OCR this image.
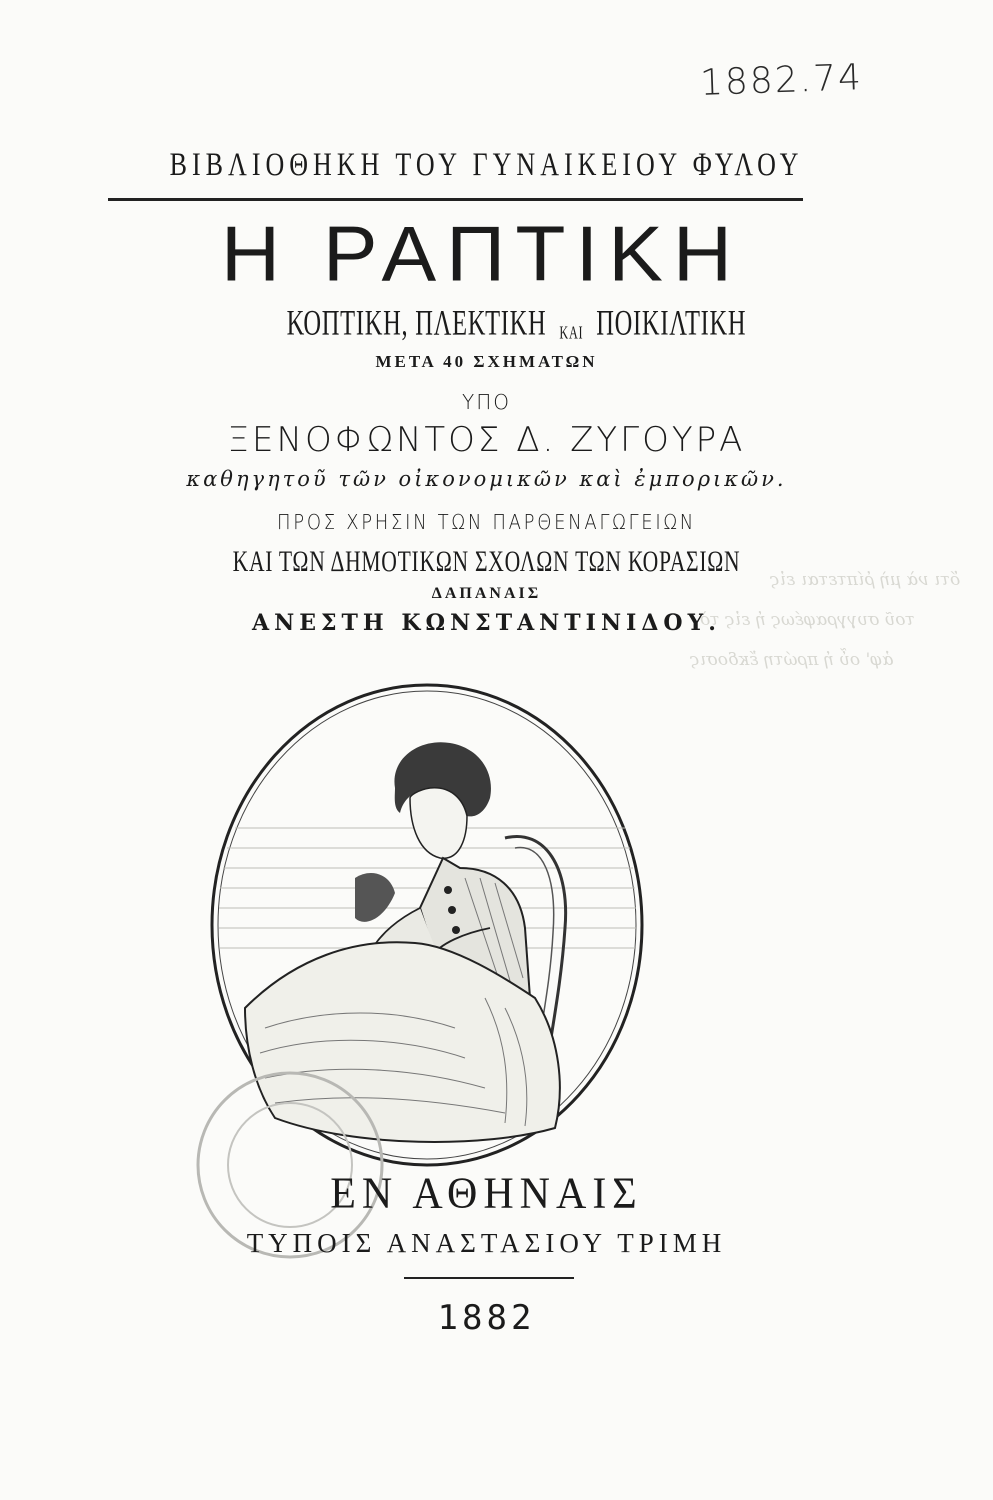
1882.74
ΒΙΒΛΙΟΘΗΚΗ ΤΟΥ ΓΥΝΑΙΚΕΙΟΥ ΦΥΛΟΥ
Η ΡΑΠΤΙΚΗ
ΚΟΠΤΙΚΗ, ΠΛΕΚΤΙΚΗ ΚΑΙ ΠΟΙΚΙΛΤΙΚΗ
ΜΕΤΑ 40 ΣΧΗΜΑΤΩΝ
ΥΠΟ
ΞΕΝΟΦΩΝΤΟΣ Δ. ΖΥΓΟΥΡΑ
καθηγητοῦ τῶν οἰκονομικῶν καὶ ἐμπορικῶν.
ΠΡΟΣ ΧΡΗΣΙΝ ΤΩΝ ΠΑΡΘΕΝΑΓΩΓΕΙΩΝ
ΚΑΙ ΤΩΝ ΔΗΜΟΤΙΚΩΝ ΣΧΟΛΩΝ ΤΩΝ ΚΟΡΑΣΙΩΝ
ΔΑΠΑΝΑΙΣ
ΑΝΕΣΤΗ ΚΩΝΣΤΑΝΤΙΝΙΔΟΥ.
ὅτι νὰ μὴ ῥίπτεται εἰς
τοῦ συγγραφέως ἡ εἰς τὸ
ἀφ' οὗ ἡ πρώτη ἔκδοσις
ΕΝ ΑΘΗΝΑΙΣ
ΤΥΠΟΙΣ ΑΝΑΣΤΑΣΙΟΥ ΤΡΙΜΗ
1882
